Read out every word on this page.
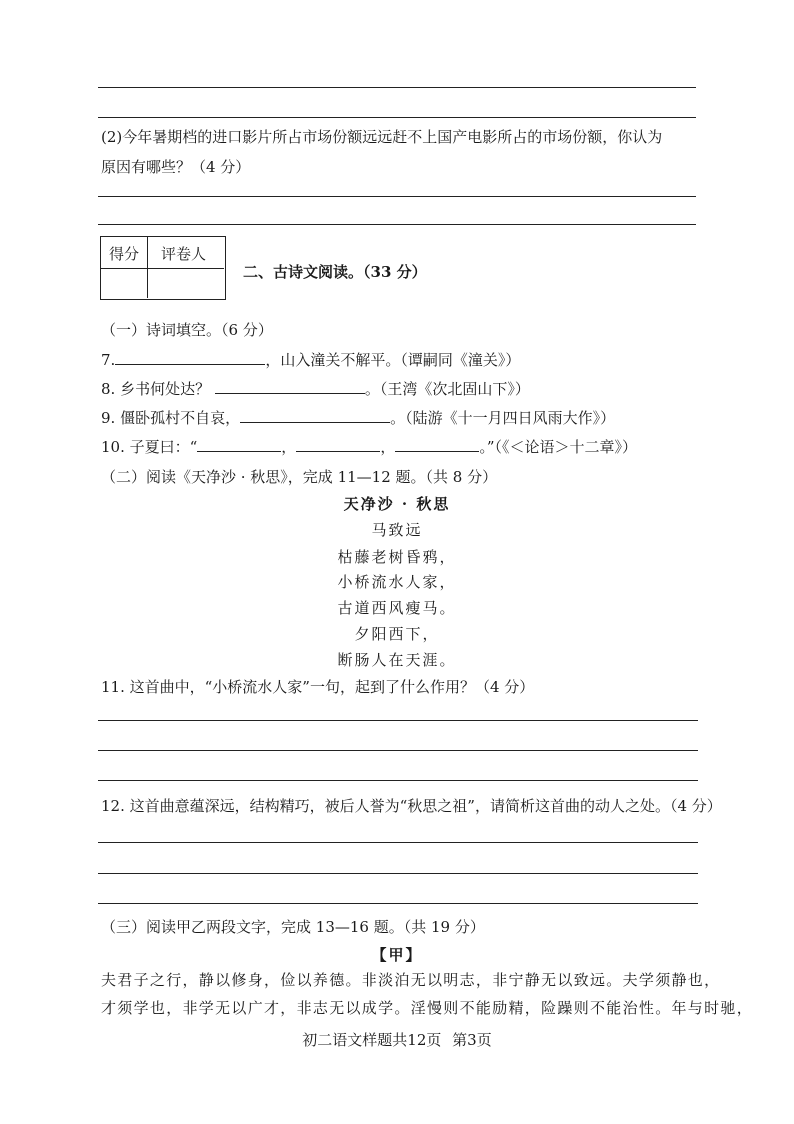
(2)今年暑期档的进口影片所占市场份额远远赶不上国产电影所占的市场份额，你认为
原因有哪些？（4 分）
得分 评卷人
二、古诗文阅读。（33 分）
（一）诗词填空。（6 分）
7.	，山入潼关不解平。（谭嗣同《潼关》）
8. 乡书何处达？	。（王湾《次北固山下》）
9. 僵卧孤村不自哀，	。（陆游《十一月四日风雨大作》）
10. 子夏曰：“	，	，	。”（《＜论语＞十二章》）
（二）阅读《天净沙 · 秋思》，完成 11—12 题。（共 8 分）
天净沙 · 秋思
马致远
枯藤老树昏鸦，
小桥流水人家，
古道西风瘦马。
夕阳西下，
断肠人在天涯。
11. 这首曲中，“小桥流水人家”一句，起到了什么作用？（4 分）
12. 这首曲意蕴深远，结构精巧，被后人誉为“秋思之祖”，请简析这首曲的动人之处。（4 分）
（三）阅读甲乙两段文字，完成 13—16 题。（共 19 分）
【甲】
夫君子之行，静以修身，俭以养德。非淡泊无以明志，非宁静无以致远。夫学须静也，
才须学也，非学无以广才，非志无以成学。淫慢则不能励精，险躁则不能治性。年与时驰，
初二语文样题共12页 第3页
